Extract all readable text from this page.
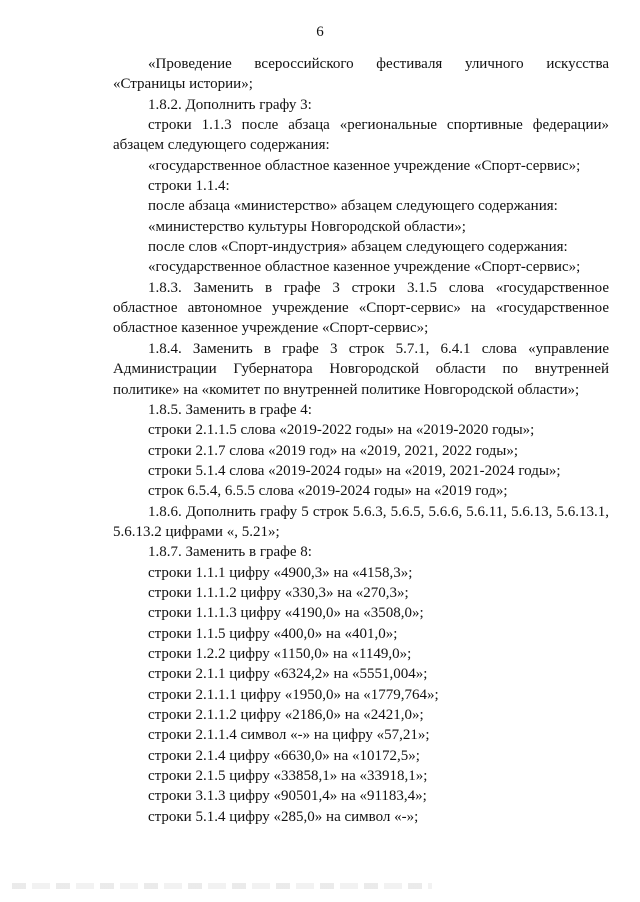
6
«Проведение всероссийского фестиваля уличного искусства
«Страницы истории»;
1.8.2. Дополнить графу 3:
строки 1.1.3 после абзаца «региональные спортивные федерации»
абзацем следующего содержания:
«государственное областное казенное учреждение «Спорт-сервис»;
строки 1.1.4:
после абзаца «министерство» абзацем следующего содержания:
«министерство культуры Новгородской области»;
после слов «Спорт-индустрия» абзацем следующего содержания:
«государственное областное казенное учреждение «Спорт-сервис»;
1.8.3. Заменить в графе 3 строки 3.1.5 слова «государственное
областное автономное учреждение «Спорт-сервис» на «государственное
областное казенное учреждение «Спорт-сервис»;
1.8.4. Заменить в графе 3 строк 5.7.1, 6.4.1 слова «управление
Администрации Губернатора Новгородской области по внутренней
политике» на «комитет по внутренней политике Новгородской области»;
1.8.5. Заменить в графе 4:
строки 2.1.1.5 слова «2019-2022 годы» на «2019-2020 годы»;
строки 2.1.7 слова «2019 год» на «2019, 2021, 2022 годы»;
строки 5.1.4 слова «2019-2024 годы» на «2019, 2021-2024 годы»;
строк 6.5.4, 6.5.5 слова «2019-2024 годы» на «2019 год»;
1.8.6. Дополнить графу 5 строк 5.6.3, 5.6.5, 5.6.6, 5.6.11, 5.6.13, 5.6.13.1,
5.6.13.2 цифрами «, 5.21»;
1.8.7. Заменить в графе 8:
строки 1.1.1 цифру «4900,3» на «4158,3»;
строки 1.1.1.2 цифру «330,3» на «270,3»;
строки 1.1.1.3 цифру «4190,0» на «3508,0»;
строки 1.1.5 цифру «400,0» на «401,0»;
строки 1.2.2 цифру «1150,0» на «1149,0»;
строки 2.1.1 цифру «6324,2» на «5551,004»;
строки 2.1.1.1 цифру «1950,0» на «1779,764»;
строки 2.1.1.2 цифру «2186,0» на «2421,0»;
строки 2.1.1.4 символ «-» на цифру «57,21»;
строки 2.1.4 цифру «6630,0» на «10172,5»;
строки 2.1.5 цифру «33858,1» на «33918,1»;
строки 3.1.3 цифру «90501,4» на «91183,4»;
строки 5.1.4 цифру «285,0» на символ «-»;
